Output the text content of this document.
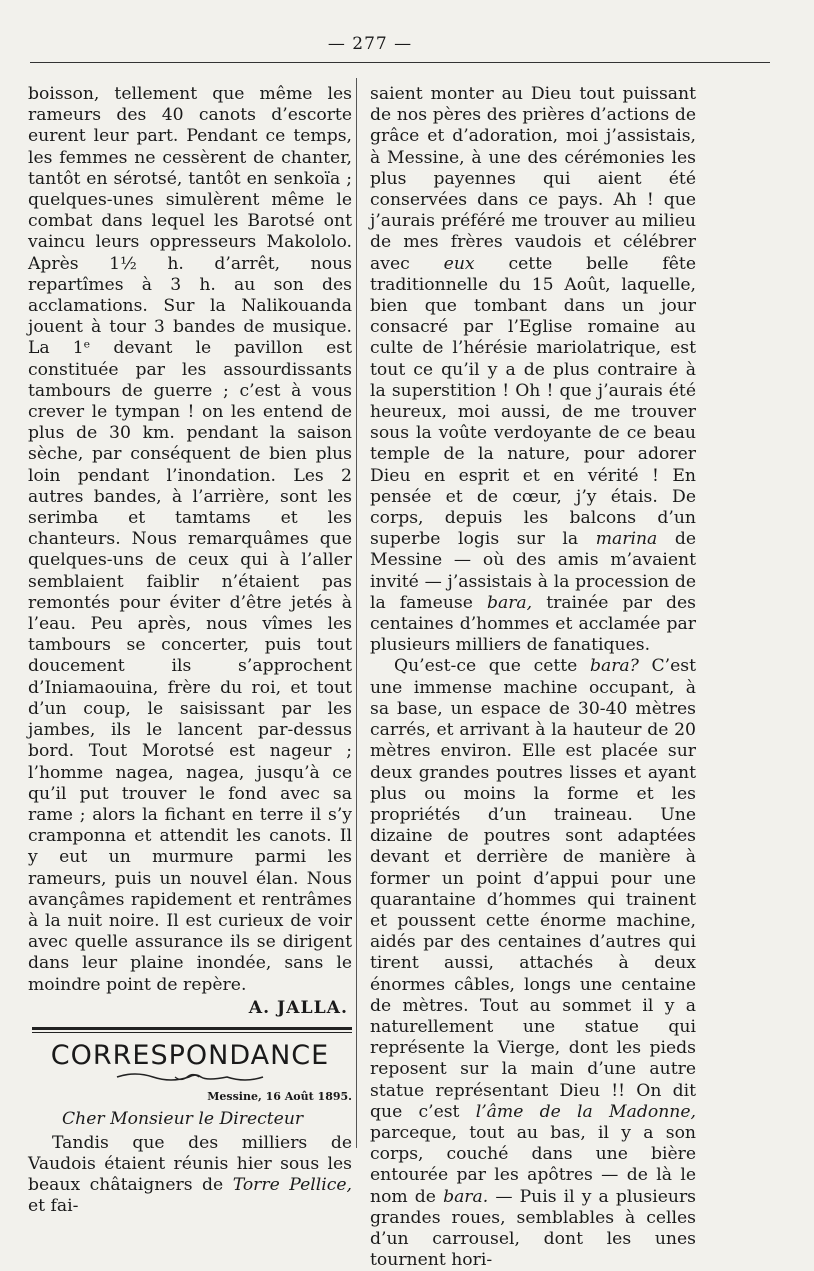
— 277 —

boisson, tellement que même les rameurs des 40 canots d’escorte eurent leur part. Pendant ce temps, les femmes ne cessèrent de chanter, tantôt en sérotsé, tantôt en senkoïa ; quelques-unes simulèrent même le combat dans lequel les Barotsé ont vaincu leurs oppresseurs Makololo. Après 1½ h. d’arrêt, nous repartîmes à 3 h. au son des acclamations. Sur la Nalikouanda jouent à tour 3 bandes de musique. La 1ᵉ devant le pavillon est constituée par les assourdissants tambours de guerre ; c’est à vous crever le tympan ! on les entend de plus de 30 km. pendant la saison sèche, par conséquent de bien plus loin pendant l’inondation. Les 2 autres bandes, à l’arrière, sont les serimba et tamtams et les chanteurs. Nous remarquâmes que quelques-uns de ceux qui à l’aller semblaient faiblir n’étaient pas remontés pour éviter d’être jetés à l’eau. Peu après, nous vîmes les tambours se concerter, puis tout doucement ils s’approchent d’Iniamaouina, frère du roi, et tout d’un coup, le saisissant par les jambes, ils le lancent par-dessus bord. Tout Morotsé est nageur ; l’homme nagea, nagea, jusqu’à ce qu’il put trouver le fond avec sa rame ; alors la fichant en terre il s’y cramponna et attendit les canots. Il y eut un murmure parmi les rameurs, puis un nouvel élan. Nous avançâmes rapidement et rentrâmes à la nuit noire. Il est curieux de voir avec quelle assurance ils se dirigent dans leur plaine inondée, sans le moindre point de repère.

A. JALLA.
CORRESPONDANCE
Messine, 16 Août 1895.
Cher Monsieur le Directeur

Tandis que des milliers de Vaudois étaient réunis hier sous les beaux châtaigners de Torre Pellice, et fai-

saient monter au Dieu tout puissant de nos pères des prières d’actions de grâce et d’adoration, moi j’assistais, à Messine, à une des cérémonies les plus payennes qui aient été conservées dans ce pays. Ah ! que j’aurais préféré me trouver au milieu de mes frères vaudois et célébrer avec eux cette belle fête traditionnelle du 15 Août, laquelle, bien que tombant dans un jour consacré par l’Eglise romaine au culte de l’hérésie mariolatrique, est tout ce qu’il y a de plus contraire à la superstition ! Oh ! que j’aurais été heureux, moi aussi, de me trouver sous la voûte verdoyante de ce beau temple de la nature, pour adorer Dieu en esprit et en vérité ! En pensée et de cœur, j’y étais. De corps, depuis les balcons d’un superbe logis sur la marina de Messine — où des amis m’avaient invité — j’assistais à la procession de la fameuse bara, trainée par des centaines d’hommes et acclamée par plusieurs milliers de fanatiques.

Qu’est-ce que cette bara? C’est une immense machine occupant, à sa base, un espace de 30-40 mètres carrés, et arrivant à la hauteur de 20 mètres environ. Elle est placée sur deux grandes poutres lisses et ayant plus ou moins la forme et les propriétés d’un traineau. Une dizaine de poutres sont adaptées devant et derrière de manière à former un point d’appui pour une quarantaine d’hommes qui trainent et poussent cette énorme machine, aidés par des centaines d’autres qui tirent aussi, attachés à deux énormes câbles, longs une centaine de mètres. Tout au sommet il y a naturellement une statue qui représente la Vierge, dont les pieds reposent sur la main d’une autre statue représentant Dieu !! On dit que c’est l’âme de la Madonne, parceque, tout au bas, il y a son corps, couché dans une bière entourée par les apôtres — de là le nom de bara. — Puis il y a plusieurs grandes roues, semblables à celles d’un carrousel, dont les unes tournent hori-
